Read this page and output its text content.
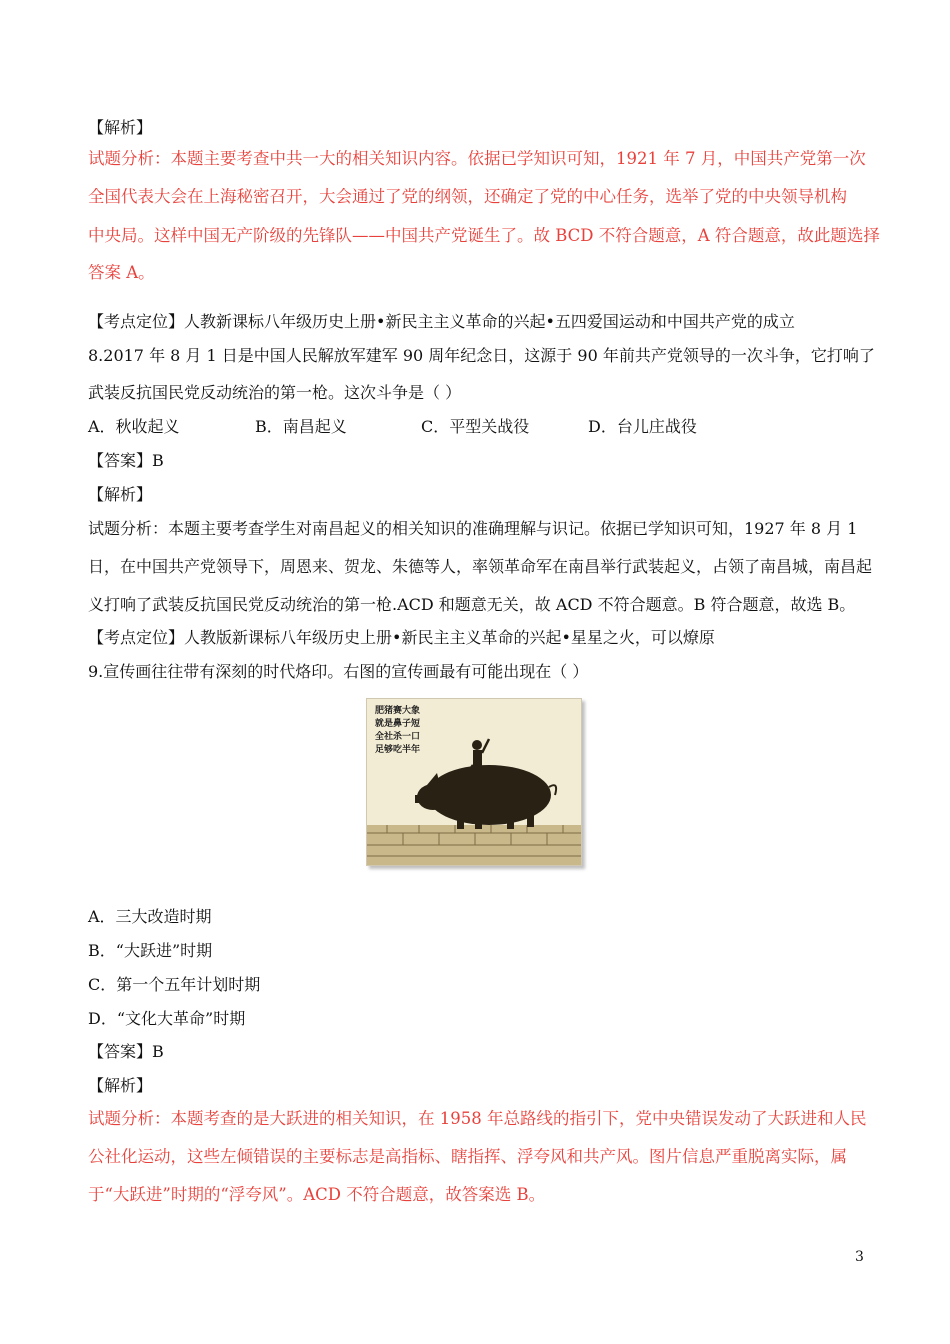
【解析】
试题分析：本题主要考查中共一大的相关知识内容。依据已学知识可知，1921 年 7 月，中国共产党第一次
全国代表大会在上海秘密召开，大会通过了党的纲领，还确定了党的中心任务，选举了党的中央领导机构
中央局。这样中国无产阶级的先锋队——中国共产党诞生了。故 BCD 不符合题意，A 符合题意，故此题选择
答案 A。
【考点定位】人教新课标八年级历史上册•新民主主义革命的兴起•五四爱国运动和中国共产党的成立
8.2017 年 8 月 1 日是中国人民解放军建军 90 周年纪念日，这源于 90 年前共产党领导的一次斗争，它打响了
武装反抗国民党反动统治的第一枪。这次斗争是（ ）
A．秋收起义	B．南昌起义	C．平型关战役	D．台儿庄战役
【答案】B
【解析】
试题分析：本题主要考查学生对南昌起义的相关知识的准确理解与识记。依据已学知识可知，1927 年 8 月 1
日，在中国共产党领导下，周恩来、贺龙、朱德等人，率领革命军在南昌举行武装起义，占领了南昌城，南昌起
义打响了武装反抗国民党反动统治的第一枪.ACD 和题意无关，故 ACD 不符合题意。B 符合题意，故选 B。
【考点定位】人教版新课标八年级历史上册•新民主主义革命的兴起•星星之火，可以燎原
9.宣传画往往带有深刻的时代烙印。右图的宣传画最有可能出现在（ ）
肥猪赛大象
就是鼻子短
全社杀一口
足够吃半年
A．三大改造时期
B．“大跃进”时期
C．第一个五年计划时期
D．“文化大革命”时期
【答案】B
【解析】
试题分析：本题考查的是大跃进的相关知识，在 1958 年总路线的指引下，党中央错误发动了大跃进和人民
公社化运动，这些左倾错误的主要标志是高指标、瞎指挥、浮夸风和共产风。图片信息严重脱离实际，属
于“大跃进”时期的“浮夸风”。ACD 不符合题意，故答案选 B。
3
